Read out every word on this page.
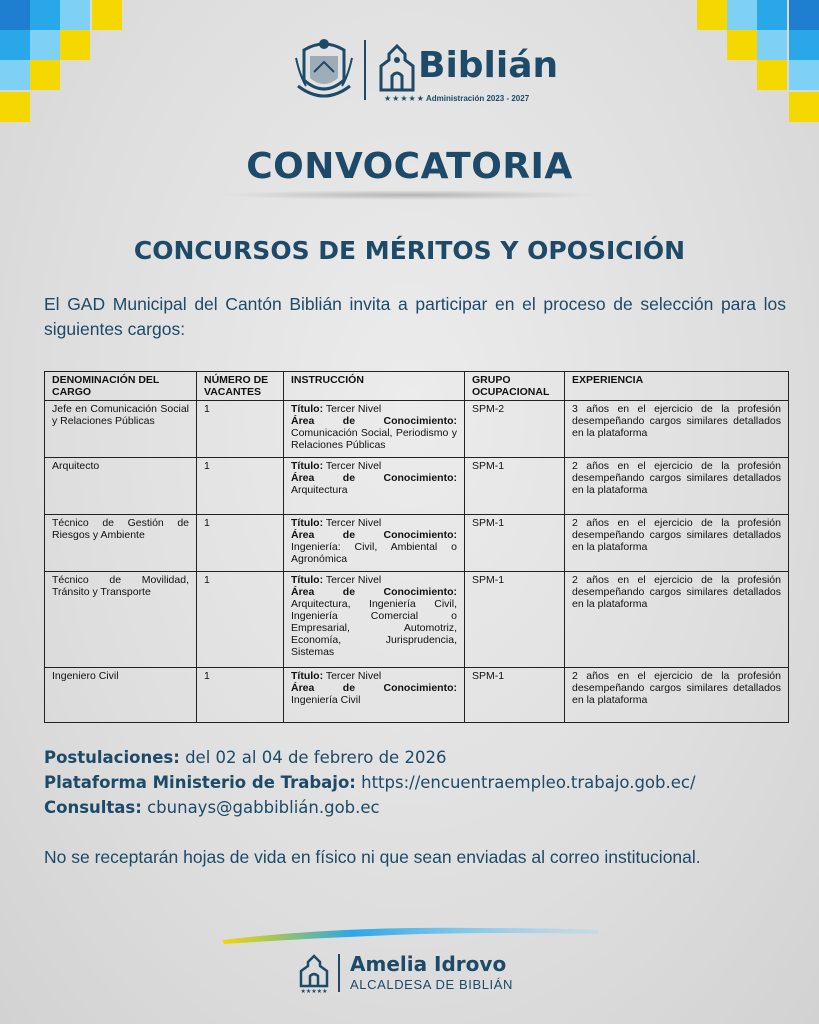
Biblián
★★★★★ Administración 2023 - 2027
CONVOCATORIA
CONCURSOS DE MÉRITOS Y OPOSICIÓN
El GAD Municipal del Cantón Biblián invita a participar en el proceso de selección para los siguientes cargos:
DENOMINACIÓN DEL CARGO	NÚMERO DE VACANTES	INSTRUCCIÓN	GRUPO OCUPACIONAL	EXPERIENCIA
Jefe en Comunicación Social y Relaciones Públicas	1	Título: Tercer Nivel

Área de Conocimiento:
Comunicación Social, Periodismo y Relaciones Públicas	SPM-2	3 años en el ejercicio de la profesión desempeñando cargos similares detallados en la plataforma
Arquitecto	1	Título: Tercer Nivel

Área de Conocimiento:
Arquitectura	SPM-1	2 años en el ejercicio de la profesión desempeñando cargos similares detallados en la plataforma
Técnico de Gestión de Riesgos y Ambiente	1	Título: Tercer Nivel

Área de Conocimiento:
Ingeniería: Civil, Ambiental o Agronómica	SPM-1	2 años en el ejercicio de la profesión desempeñando cargos similares detallados en la plataforma
Técnico de Movilidad, Tránsito y Transporte	1	Título: Tercer Nivel

Área de Conocimiento:
Arquitectura, Ingeniería Civil, Ingeniería Comercial o Empresarial, Automotriz, Economía, Jurisprudencia, Sistemas	SPM-1	2 años en el ejercicio de la profesión desempeñando cargos similares detallados en la plataforma
Ingeniero Civil	1	Título: Tercer Nivel

Área de Conocimiento:
Ingeniería Civil	SPM-1	2 años en el ejercicio de la profesión desempeñando cargos similares detallados en la plataforma
Postulaciones: del 02 al 04 de febrero de 2026
Plataforma Ministerio de Trabajo: https://encuentraempleo.trabajo.gob.ec/
Consultas: cbunays@gabbiblián.gob.ec
No se receptarán hojas de vida en físico ni que sean enviadas al correo institucional.
★★★★★
Amelia Idrovo
ALCALDESA DE BIBLIÁN
